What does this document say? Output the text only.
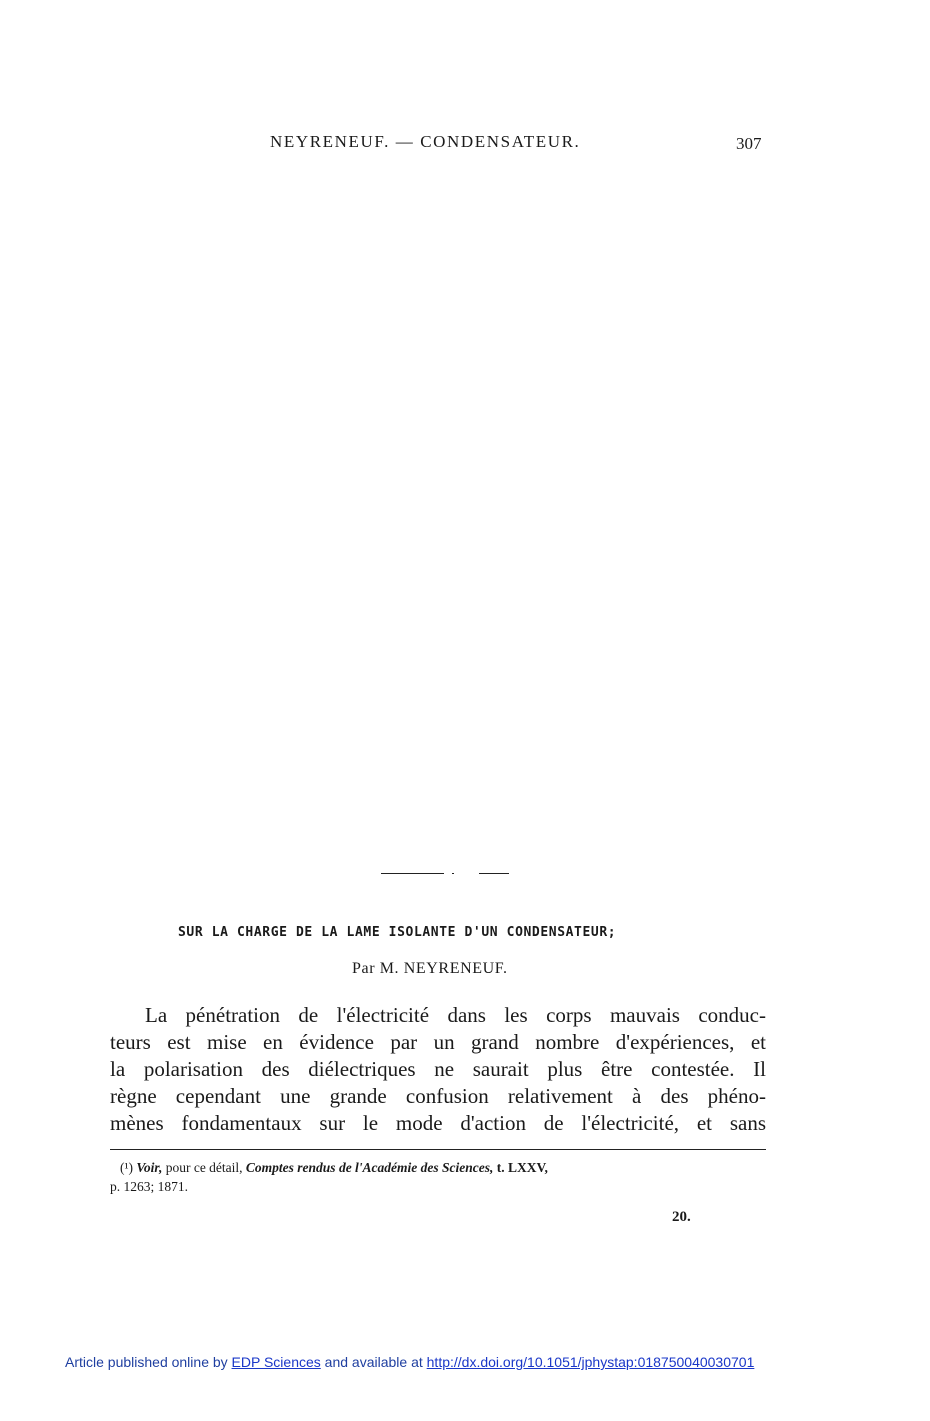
NEYRENEUF. — CONDENSATEUR.	307
SUR LA CHARGE DE LA LAME ISOLANTE D'UN CONDENSATEUR;
Par M. NEYRENEUF.
La pénétration de l'électricité dans les corps mauvais conduc-
teurs est mise en évidence par un grand nombre d'expériences, et
la polarisation des diélectriques ne saurait plus être contestée. Il
règne cependant une grande confusion relativement à des phéno-
mènes fondamentaux sur le mode d'action de l'électricité, et sans
(¹) Voir, pour ce détail, Comptes rendus de l'Académie des Sciences, t. LXXV,
p. 1263; 1871.
20.
Article published online by EDP Sciences and available at http://dx.doi.org/10.1051/jphystap:018750040030701
